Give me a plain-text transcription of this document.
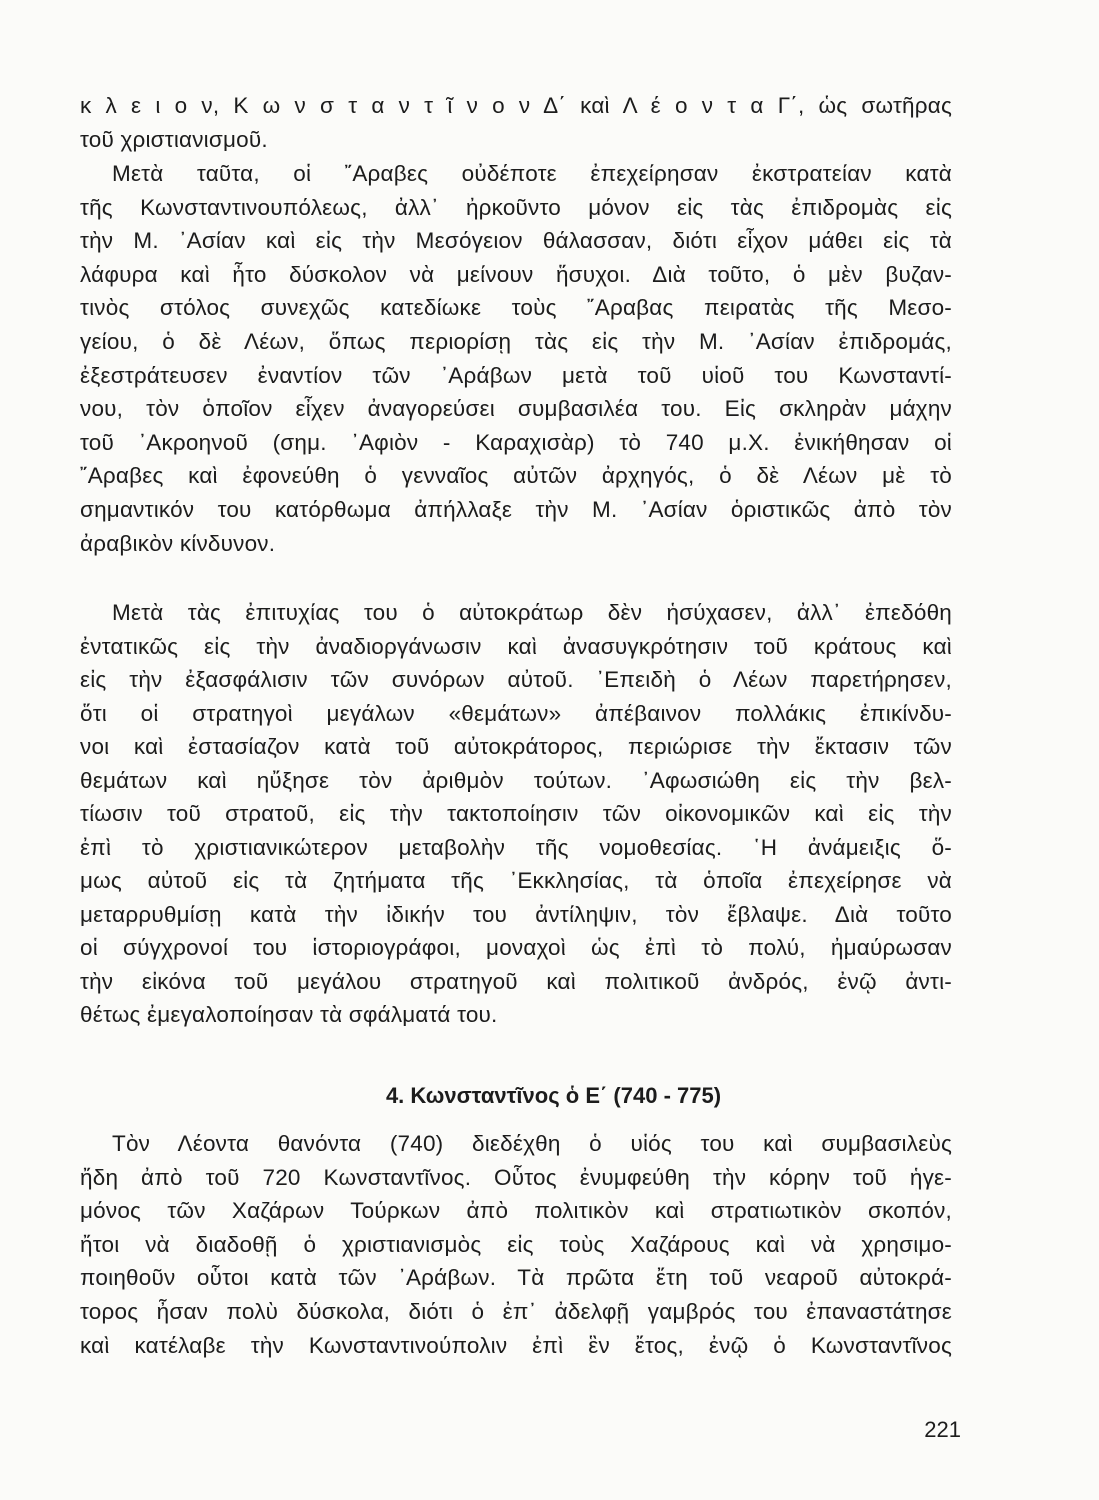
κ λ ε ι ο ν, Κ ω ν σ τ α ν τ ῖ ν ο ν Δ΄ καὶ Λ έ ο ν τ α Γ΄, ὡς σωτῆρας
τοῦ χριστιανισμοῦ.
Μετὰ ταῦτα, οἱ ῎Αραβες οὐδέποτε ἐπεχείρησαν ἐκστρατείαν κατὰ
τῆς Κωνσταντινουπόλεως, ἀλλ᾽ ἠρκοῦντο μόνον εἰς τὰς ἐπιδρομὰς εἰς
τὴν Μ. ᾽Ασίαν καὶ εἰς τὴν Μεσόγειον θάλασσαν, διότι εἶχον μάθει εἰς τὰ
λάφυρα καὶ ἦτο δύσκολον νὰ μείνουν ἥσυχοι. Διὰ τοῦτο, ὁ μὲν βυζαν-
τινὸς στόλος συνεχῶς κατεδίωκε τοὺς ῎Αραβας πειρατὰς τῆς Μεσο-
γείου, ὁ δὲ Λέων, ὅπως περιορίσῃ τὰς εἰς τὴν Μ. ᾽Ασίαν ἐπιδρομάς,
ἐξεστράτευσεν ἐναντίον τῶν ᾽Αράβων μετὰ τοῦ υἱοῦ του Κωνσταντί-
νου, τὸν ὁποῖον εἶχεν ἀναγορεύσει συμβασιλέα του. Εἰς σκληρὰν μάχην
τοῦ ᾽Ακροηνοῦ (σημ. ᾽Αφιὸν - Καραχισὰρ) τὸ 740 μ.Χ. ἐνικήθησαν οἱ
῎Αραβες καὶ ἐφονεύθη ὁ γενναῖος αὐτῶν ἀρχηγός, ὁ δὲ Λέων μὲ τὸ
σημαντικόν του κατόρθωμα ἀπήλλαξε τὴν Μ. ᾽Ασίαν ὁριστικῶς ἀπὸ τὸν
ἀραβικὸν κίνδυνον.
Μετὰ τὰς ἐπιτυχίας του ὁ αὐτοκράτωρ δὲν ἡσύχασεν, ἀλλ᾽ ἐπεδόθη
ἐντατικῶς εἰς τὴν ἀναδιοργάνωσιν καὶ ἀνασυγκρότησιν τοῦ κράτους καὶ
εἰς τὴν ἐξασφάλισιν τῶν συνόρων αὐτοῦ. ᾽Επειδὴ ὁ Λέων παρετήρησεν,
ὅτι οἱ στρατηγοὶ μεγάλων «θεμάτων» ἀπέβαινον πολλάκις ἐπικίνδυ-
νοι καὶ ἐστασίαζον κατὰ τοῦ αὐτοκράτορος, περιώρισε τὴν ἔκτασιν τῶν
θεμάτων καὶ ηὔξησε τὸν ἀριθμὸν τούτων. ᾽Αφωσιώθη εἰς τὴν βελ-
τίωσιν τοῦ στρατοῦ, εἰς τὴν τακτοποίησιν τῶν οἰκονομικῶν καὶ εἰς τὴν
ἐπὶ τὸ χριστιανικώτερον μεταβολὴν τῆς νομοθεσίας. ῾Η ἀνάμειξις ὅ-
μως αὐτοῦ εἰς τὰ ζητήματα τῆς ᾽Εκκλησίας, τὰ ὁποῖα ἐπεχείρησε νὰ
μεταρρυθμίσῃ κατὰ τὴν ἰδικήν του ἀντίληψιν, τὸν ἔβλαψε. Διὰ τοῦτο
οἱ σύγχρονοί του ἱστοριογράφοι, μοναχοὶ ὡς ἐπὶ τὸ πολύ, ἠμαύρωσαν
τὴν εἰκόνα τοῦ μεγάλου στρατηγοῦ καὶ πολιτικοῦ ἀνδρός, ἐνῷ ἀντι-
θέτως ἐμεγαλοποίησαν τὰ σφάλματά του.
Τὸν Λέοντα θανόντα (740) διεδέχθη ὁ υἱός του καὶ συμβασιλεὺς
ἤδη ἀπὸ τοῦ 720 Κωνσταντῖνος. Οὗτος ἐνυμφεύθη τὴν κόρην τοῦ ἡγε-
μόνος τῶν Χαζάρων Τούρκων ἀπὸ πολιτικὸν καὶ στρατιωτικὸν σκοπόν,
ἤτοι νὰ διαδοθῇ ὁ χριστιανισμὸς εἰς τοὺς Χαζάρους καὶ νὰ χρησιμο-
ποιηθοῦν οὗτοι κατὰ τῶν ᾽Αράβων. Τὰ πρῶτα ἔτη τοῦ νεαροῦ αὐτοκρά-
τορος ἦσαν πολὺ δύσκολα, διότι ὁ ἐπ᾽ ἀδελφῇ γαμβρός του ἐπαναστάτησε
καὶ κατέλαβε τὴν Κωνσταντινούπολιν ἐπὶ ἓν ἔτος, ἐνῷ ὁ Κωνσταντῖνος
4. Κωνσταντῖνος ὁ Ε΄ (740 - 775)
221
